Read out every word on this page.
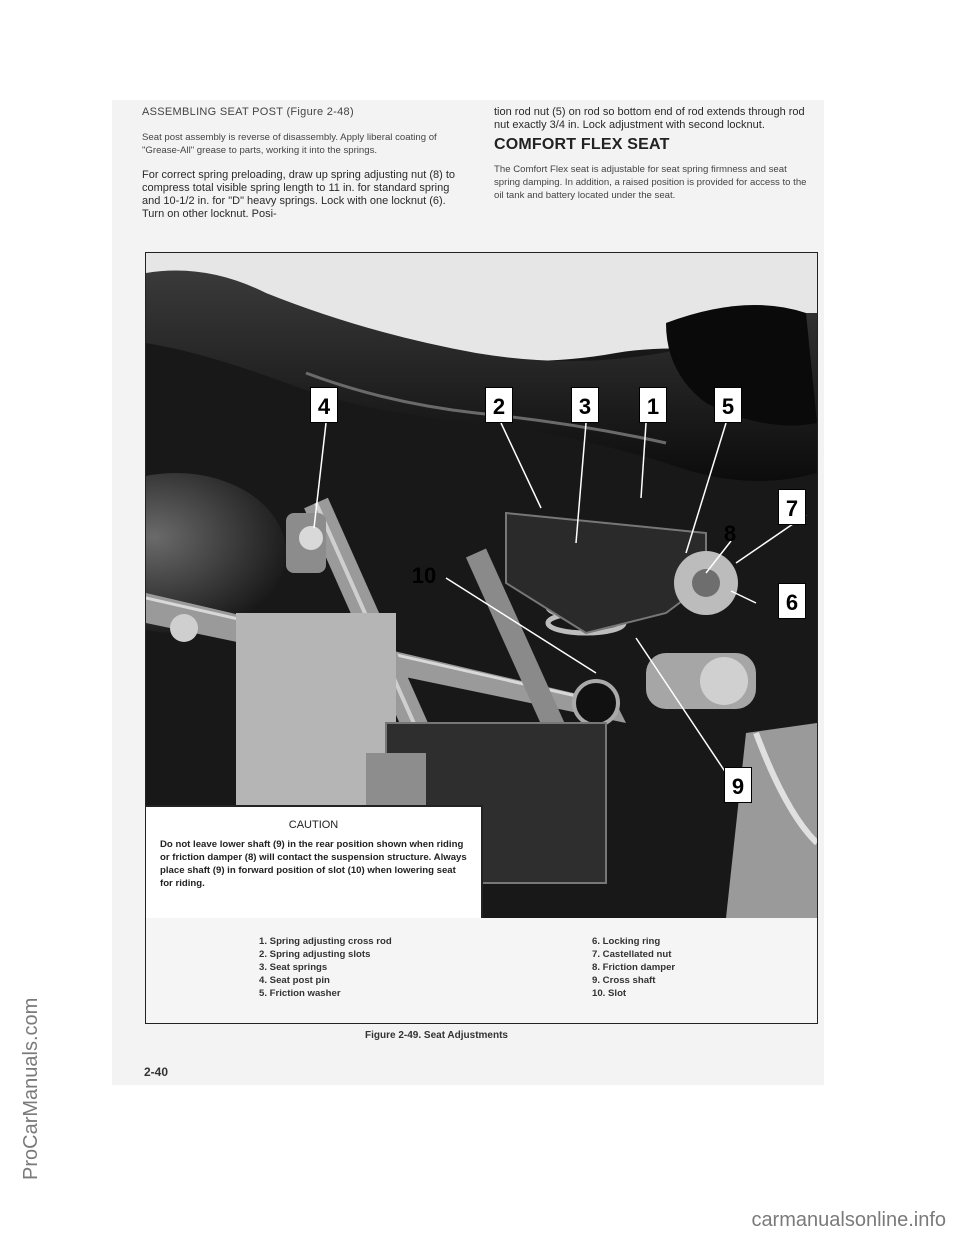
ProCarManuals.com
carmanualsonline.info

ASSEMBLING SEAT POST (Figure 2-48)

Seat post assembly is reverse of disassembly. Apply liberal coating of "Grease-All" grease to parts, working it into the springs.

For correct spring preloading, draw up spring adjusting nut (8) to compress total visible spring length to 11 in. for standard spring and 10-1/2 in. for "D" heavy springs. Lock with one locknut (6). Turn on other locknut. Posi-

tion rod nut (5) on rod so bottom end of rod extends through rod nut exactly 3/4 in. Lock adjustment with second locknut.

COMFORT FLEX SEAT

The Comfort Flex seat is adjustable for seat spring firmness and seat spring damping. In addition, a raised position is provided for access to the oil tank and battery located under the seat.

4	2	3	1	5
7
8
10
6
9

CAUTION

Do not leave lower shaft (9) in the rear position shown when riding or friction damper (8) will contact the suspension structure. Always place shaft (9) in forward position of slot (10) when lowering seat for riding.

1. Spring adjusting cross rod
2. Spring adjusting slots
3. Seat springs
4. Seat post pin
5. Friction washer
6. Locking ring
7. Castellated nut
8. Friction damper
9. Cross shaft
10. Slot
Figure 2-49. Seat Adjustments
2-40
